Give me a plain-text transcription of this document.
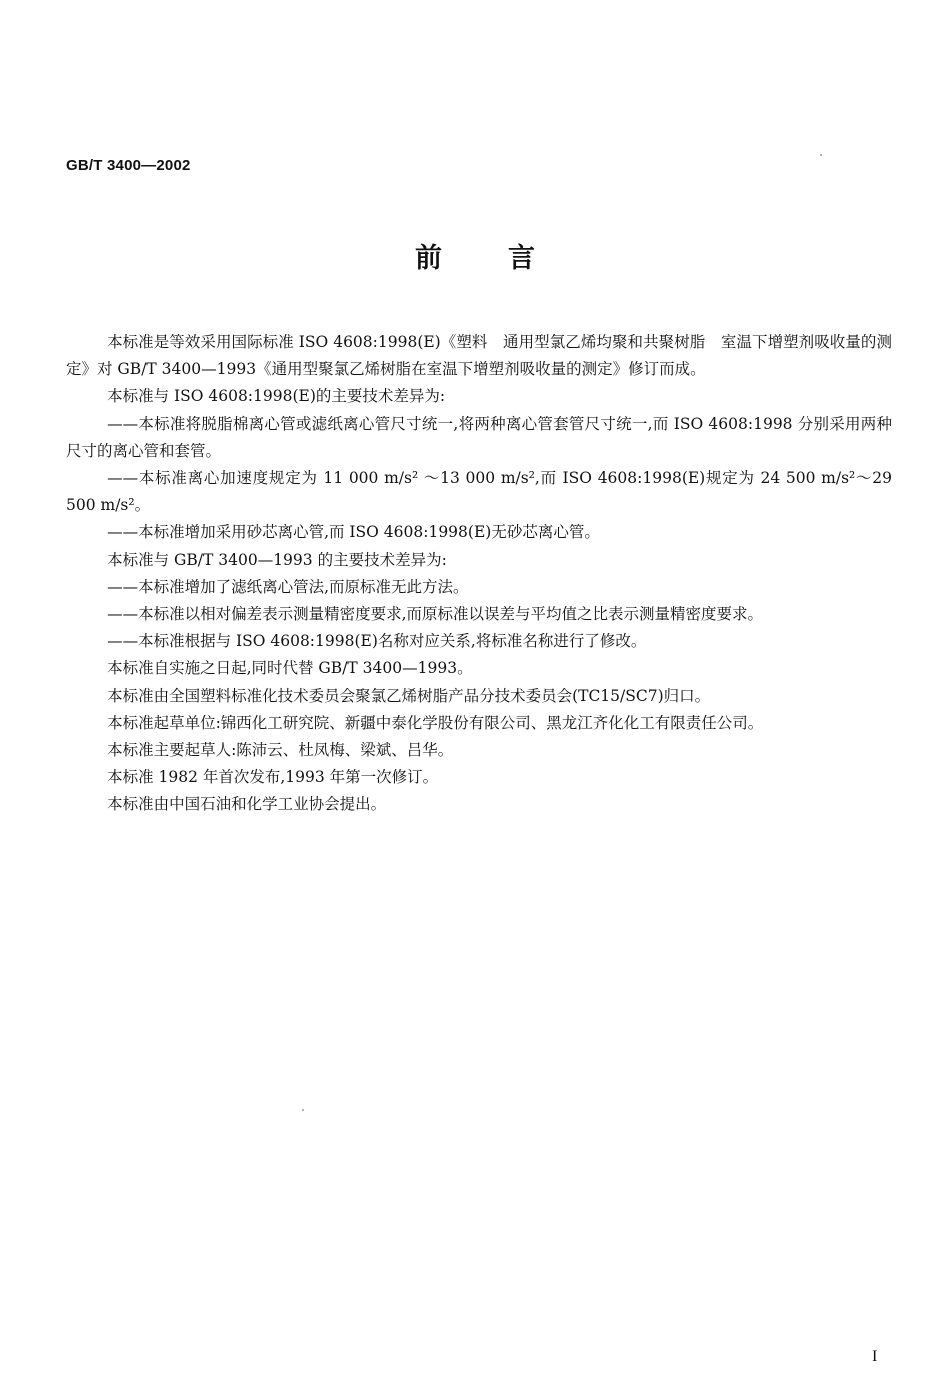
GB/T 3400—2002
前言

本标准是等效采用国际标准 ISO 4608:1998(E)《塑料　通用型氯乙烯均聚和共聚树脂　室温下增塑剂吸收量的测定》对 GB/T 3400—1993《通用型聚氯乙烯树脂在室温下增塑剂吸收量的测定》修订而成。

本标准与 ISO 4608:1998(E)的主要技术差异为:

——本标准将脱脂棉离心管或滤纸离心管尺寸统一,将两种离心管套管尺寸统一,而 ISO 4608:1998 分别采用两种尺寸的离心管和套管。

——本标准离心加速度规定为 11 000 m/s² ～13 000 m/s²,而 ISO 4608:1998(E)规定为 24 500 m/s²～29 500 m/s²。

——本标准增加采用砂芯离心管,而 ISO 4608:1998(E)无砂芯离心管。

本标准与 GB/T 3400—1993 的主要技术差异为:

——本标准增加了滤纸离心管法,而原标准无此方法。

——本标准以相对偏差表示测量精密度要求,而原标准以误差与平均值之比表示测量精密度要求。

——本标准根据与 ISO 4608:1998(E)名称对应关系,将标准名称进行了修改。

本标准自实施之日起,同时代替 GB/T 3400—1993。

本标准由全国塑料标准化技术委员会聚氯乙烯树脂产品分技术委员会(TC15/SC7)归口。

本标准起草单位:锦西化工研究院、新疆中泰化学股份有限公司、黑龙江齐化化工有限责任公司。

本标准主要起草人:陈沛云、杜凤梅、梁斌、吕华。

本标准 1982 年首次发布,1993 年第一次修订。

本标准由中国石油和化学工业协会提出。

I
